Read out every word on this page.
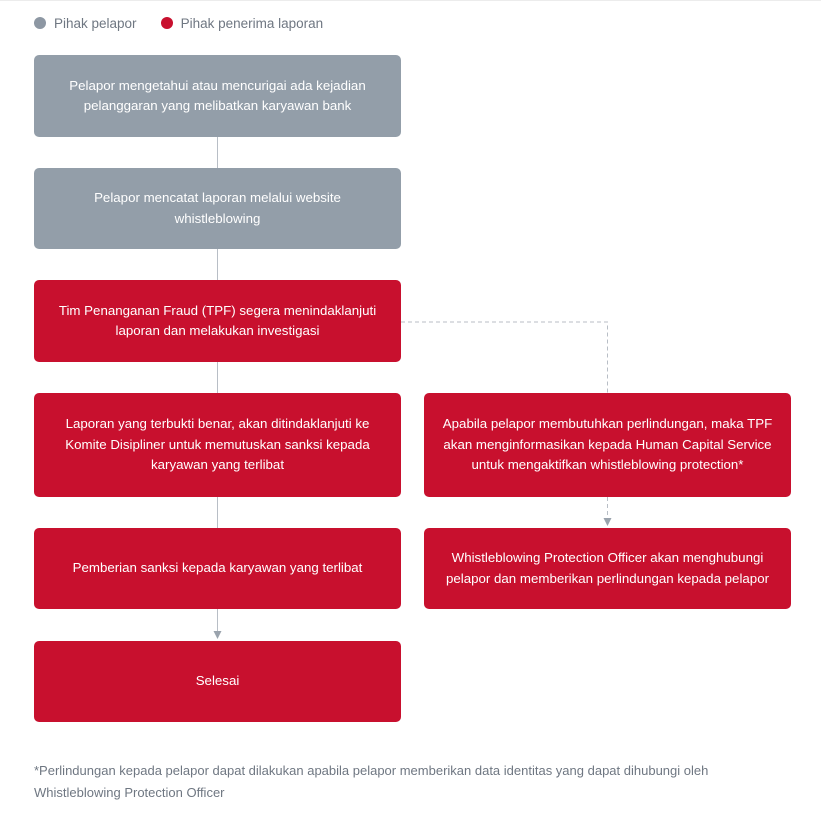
Pihak pelapor	Pihak penerima laporan
Pelapor mengetahui atau mencurigai ada kejadian pelanggaran yang melibatkan karyawan bank
Pelapor mencatat laporan melalui website whistleblowing
Tim Penanganan Fraud (TPF) segera menindaklanjuti laporan dan melakukan investigasi
Laporan yang terbukti benar, akan ditindaklanjuti ke Komite Disipliner untuk memutuskan sanksi kepada karyawan yang terlibat
Pemberian sanksi kepada karyawan yang terlibat
Selesai
Apabila pelapor membutuhkan perlindungan, maka TPF akan menginformasikan kepada Human Capital Service untuk mengaktifkan whistleblowing protection*
Whistleblowing Protection Officer akan menghubungi pelapor dan memberikan perlindungan kepada pelapor
*Perlindungan kepada pelapor dapat dilakukan apabila pelapor memberikan data identitas yang dapat dihubungi oleh Whistleblowing Protection Officer
